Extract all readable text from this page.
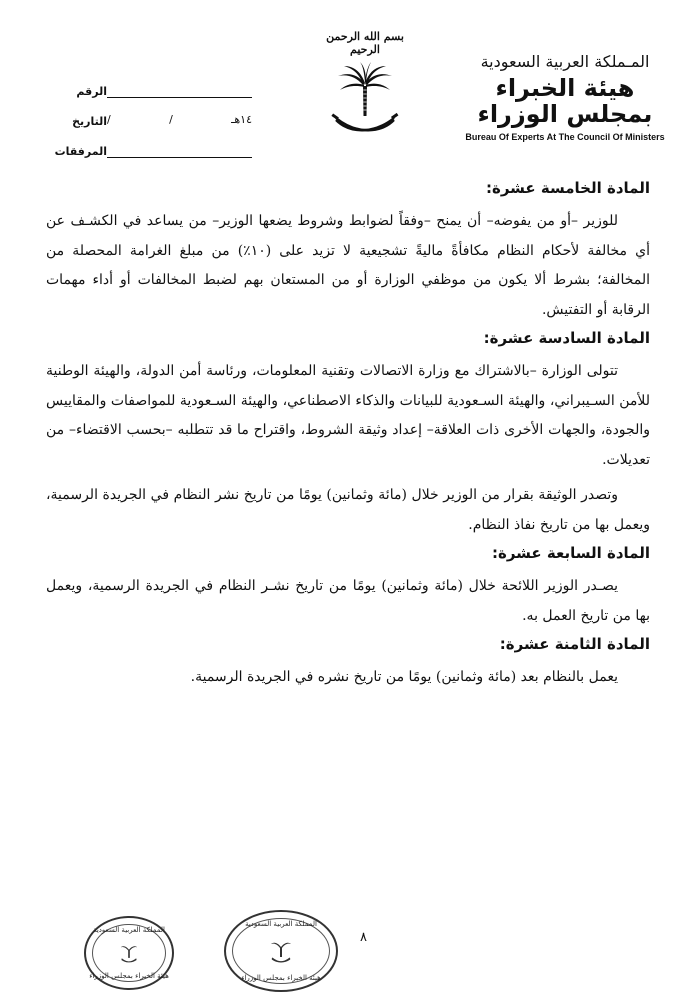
المـملكة العربية السعودية
هيئة الخبراء بمجلس الوزراء
Bureau Of Experts At The Council Of Ministers
بسم الله الرحمن الرحيم
الرقم
١٤هـ
/
/
التاريخ
المرفقات
المادة الخامسة عشرة:

للوزير –أو من يفوضه– أن يمنح –وفقاً لضوابط وشروط يضعها الوزير– من يساعد في الكشـف عن أي مخالفة لأحكام النظام مكافأةً ماليةً تشجيعية لا تزيد على (١٠٪) من مبلغ الغرامة المحصلة من المخالفة؛ بشرط ألا يكون من موظفي الوزارة أو من المستعان بهم لضبط المخالفات أو أداء مهمات الرقابة أو التفتيش.

المادة السادسة عشرة:

تتولى الوزارة –بالاشتراك مع وزارة الاتصالات وتقنية المعلومات، ورئاسة أمن الدولة، والهيئة الوطنية للأمن السـيبراني، والهيئة السـعودية للبيانات والذكاء الاصطناعي، والهيئة السـعودية للمواصفات والمقاييس والجودة، والجهات الأخرى ذات العلاقة– إعداد وثيقة الشروط، واقتراح ما قد تتطلبه –بحسب الاقتضاء– من تعديلات.

وتصدر الوثيقة بقرار من الوزير خلال (مائة وثمانين) يومًا من تاريخ نشر النظام في الجريدة الرسمية، ويعمل بها من تاريخ نفاذ النظام.

المادة السابعة عشرة:

يصـدر الوزير اللائحة خلال (مائة وثمانين) يومًا من تاريخ نشـر النظام في الجريدة الرسمية، ويعمل بها من تاريخ العمل به.

المادة الثامنة عشرة:

يعمل بالنظام بعد (مائة وثمانين) يومًا من تاريخ نشره في الجريدة الرسمية.

٨
المملكة العربية السعودية
هيئة الخبراء بمجلس الوزراء
المملكة العربية السعودية
هيئة الخبراء بمجلس الوزراء
